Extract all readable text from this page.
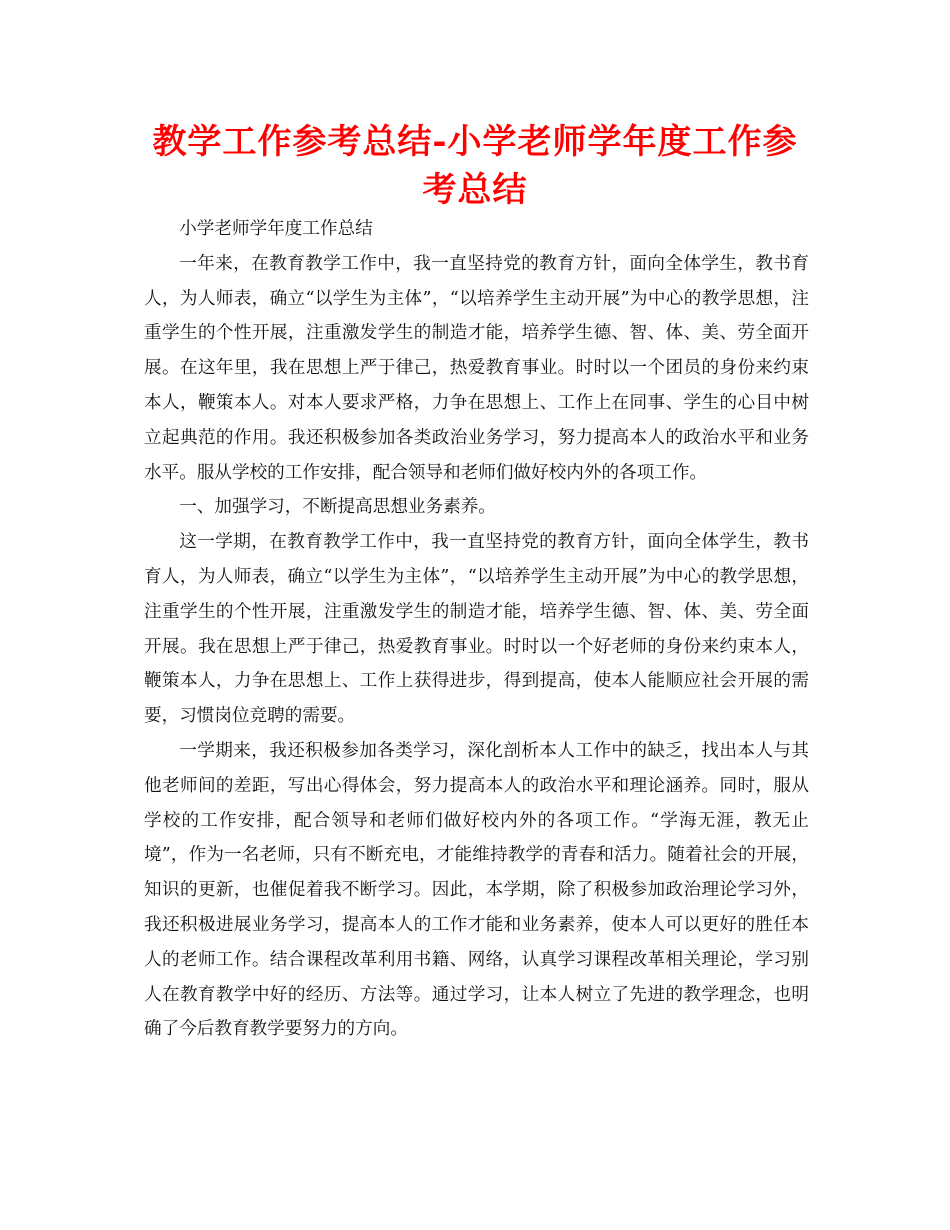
教学工作参考总结-小学老师学年度工作参考总结

小学老师学年度工作总结

一年来，在教育教学工作中，我一直坚持党的教育方针，面向全体学生，教书育人，为人师表，确立“以学生为主体”，“以培养学生主动开展”为中心的教学思想，注重学生的个性开展，注重激发学生的制造才能，培养学生德、智、体、美、劳全面开展。在这年里，我在思想上严于律己，热爱教育事业。时时以一个团员的身份来约束本人，鞭策本人。对本人要求严格，力争在思想上、工作上在同事、学生的心目中树立起典范的作用。我还积极参加各类政治业务学习，努力提高本人的政治水平和业务水平。服从学校的工作安排，配合领导和老师们做好校内外的各项工作。

一、加强学习，不断提高思想业务素养。

这一学期，在教育教学工作中，我一直坚持党的教育方针，面向全体学生，教书育人，为人师表，确立“以学生为主体”，“以培养学生主动开展”为中心的教学思想，注重学生的个性开展，注重激发学生的制造才能，培养学生德、智、体、美、劳全面开展。我在思想上严于律己，热爱教育事业。时时以一个好老师的身份来约束本人，鞭策本人，力争在思想上、工作上获得进步，得到提高，使本人能顺应社会开展的需要，习惯岗位竞聘的需要。

一学期来，我还积极参加各类学习，深化剖析本人工作中的缺乏，找出本人与其他老师间的差距，写出心得体会，努力提高本人的政治水平和理论涵养。同时，服从学校的工作安排，配合领导和老师们做好校内外的各项工作。“学海无涯，教无止境”，作为一名老师，只有不断充电，才能维持教学的青春和活力。随着社会的开展，知识的更新，也催促着我不断学习。因此，本学期，除了积极参加政治理论学习外，我还积极进展业务学习，提高本人的工作才能和业务素养，使本人可以更好的胜任本人的老师工作。结合课程改革利用书籍、网络，认真学习课程改革相关理论，学习别人在教育教学中好的经历、方法等。通过学习，让本人树立了先进的教学理念，也明确了今后教育教学要努力的方向。
